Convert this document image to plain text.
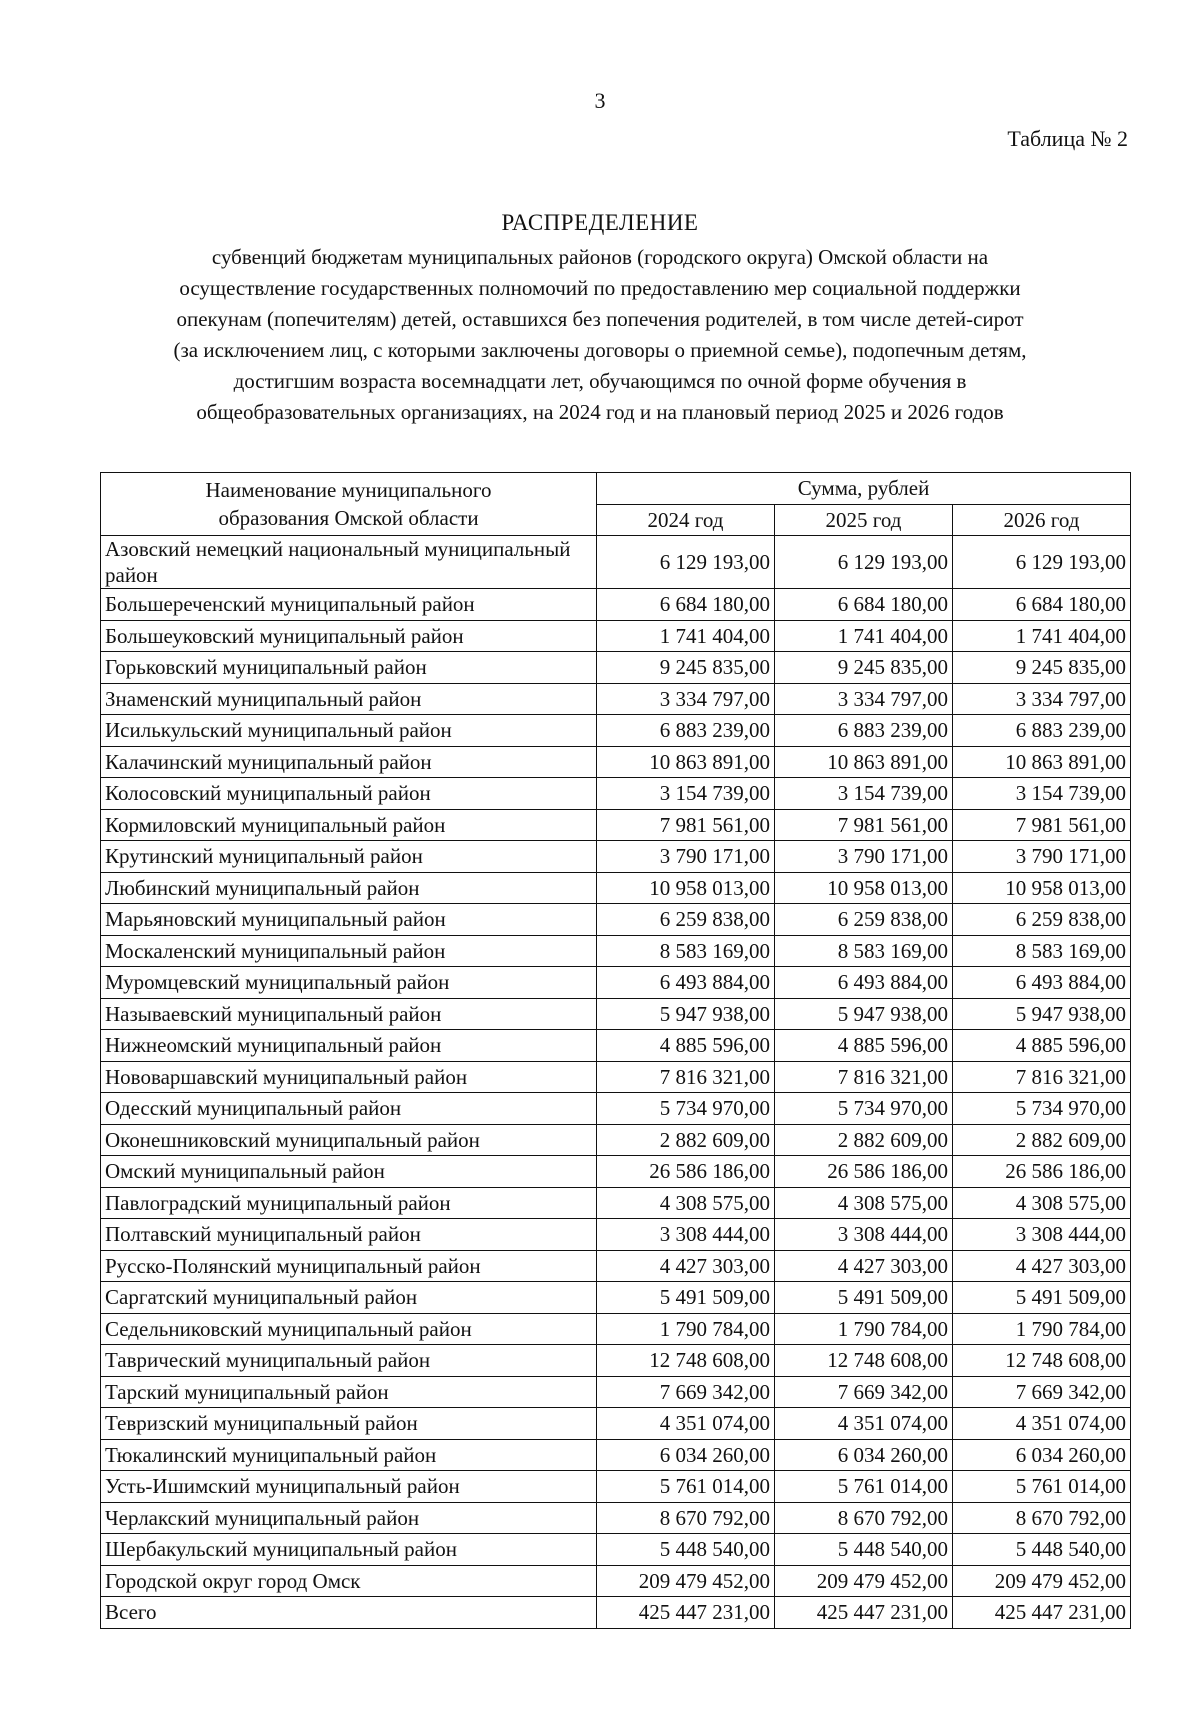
3
Таблица № 2
РАСПРЕДЕЛЕНИЕ
субвенций бюджетам муниципальных районов (городского округа) Омской области на
осуществление государственных полномочий по предоставлению мер социальной поддержки
опекунам (попечителям) детей, оставшихся без попечения родителей, в том числе детей-сирот
(за исключением лиц, с которыми заключены договоры о приемной семье), подопечным детям,
достигшим возраста восемнадцати лет, обучающимся по очной форме обучения в
общеобразовательных организациях, на 2024 год и на плановый период 2025 и 2026 годов
Наименование муниципального
образования Омской области	Сумма, рублей		
	2024 год	2025 год	2026 год
Азовский немецкий национальный муниципальный район	6 129 193,00	6 129 193,00	6 129 193,00
Большереченский муниципальный район	6 684 180,00	6 684 180,00	6 684 180,00
Большеуковский муниципальный район	1 741 404,00	1 741 404,00	1 741 404,00
Горьковский муниципальный район	9 245 835,00	9 245 835,00	9 245 835,00
Знаменский муниципальный район	3 334 797,00	3 334 797,00	3 334 797,00
Исилькульский муниципальный район	6 883 239,00	6 883 239,00	6 883 239,00
Калачинский муниципальный район	10 863 891,00	10 863 891,00	10 863 891,00
Колосовский муниципальный район	3 154 739,00	3 154 739,00	3 154 739,00
Кормиловский муниципальный район	7 981 561,00	7 981 561,00	7 981 561,00
Крутинский муниципальный район	3 790 171,00	3 790 171,00	3 790 171,00
Любинский муниципальный район	10 958 013,00	10 958 013,00	10 958 013,00
Марьяновский муниципальный район	6 259 838,00	6 259 838,00	6 259 838,00
Москаленский муниципальный район	8 583 169,00	8 583 169,00	8 583 169,00
Муромцевский муниципальный район	6 493 884,00	6 493 884,00	6 493 884,00
Называевский муниципальный район	5 947 938,00	5 947 938,00	5 947 938,00
Нижнеомский муниципальный район	4 885 596,00	4 885 596,00	4 885 596,00
Нововаршавский муниципальный район	7 816 321,00	7 816 321,00	7 816 321,00
Одесский муниципальный район	5 734 970,00	5 734 970,00	5 734 970,00
Оконешниковский муниципальный район	2 882 609,00	2 882 609,00	2 882 609,00
Омский муниципальный район	26 586 186,00	26 586 186,00	26 586 186,00
Павлоградский муниципальный район	4 308 575,00	4 308 575,00	4 308 575,00
Полтавский муниципальный район	3 308 444,00	3 308 444,00	3 308 444,00
Русско-Полянский муниципальный район	4 427 303,00	4 427 303,00	4 427 303,00
Саргатский муниципальный район	5 491 509,00	5 491 509,00	5 491 509,00
Седельниковский муниципальный район	1 790 784,00	1 790 784,00	1 790 784,00
Таврический муниципальный район	12 748 608,00	12 748 608,00	12 748 608,00
Тарский муниципальный район	7 669 342,00	7 669 342,00	7 669 342,00
Тевризский муниципальный район	4 351 074,00	4 351 074,00	4 351 074,00
Тюкалинский муниципальный район	6 034 260,00	6 034 260,00	6 034 260,00
Усть-Ишимский муниципальный район	5 761 014,00	5 761 014,00	5 761 014,00
Черлакский муниципальный район	8 670 792,00	8 670 792,00	8 670 792,00
Шербакульский муниципальный район	5 448 540,00	5 448 540,00	5 448 540,00
Городской округ город Омск	209 479 452,00	209 479 452,00	209 479 452,00
Всего	425 447 231,00	425 447 231,00	425 447 231,00
